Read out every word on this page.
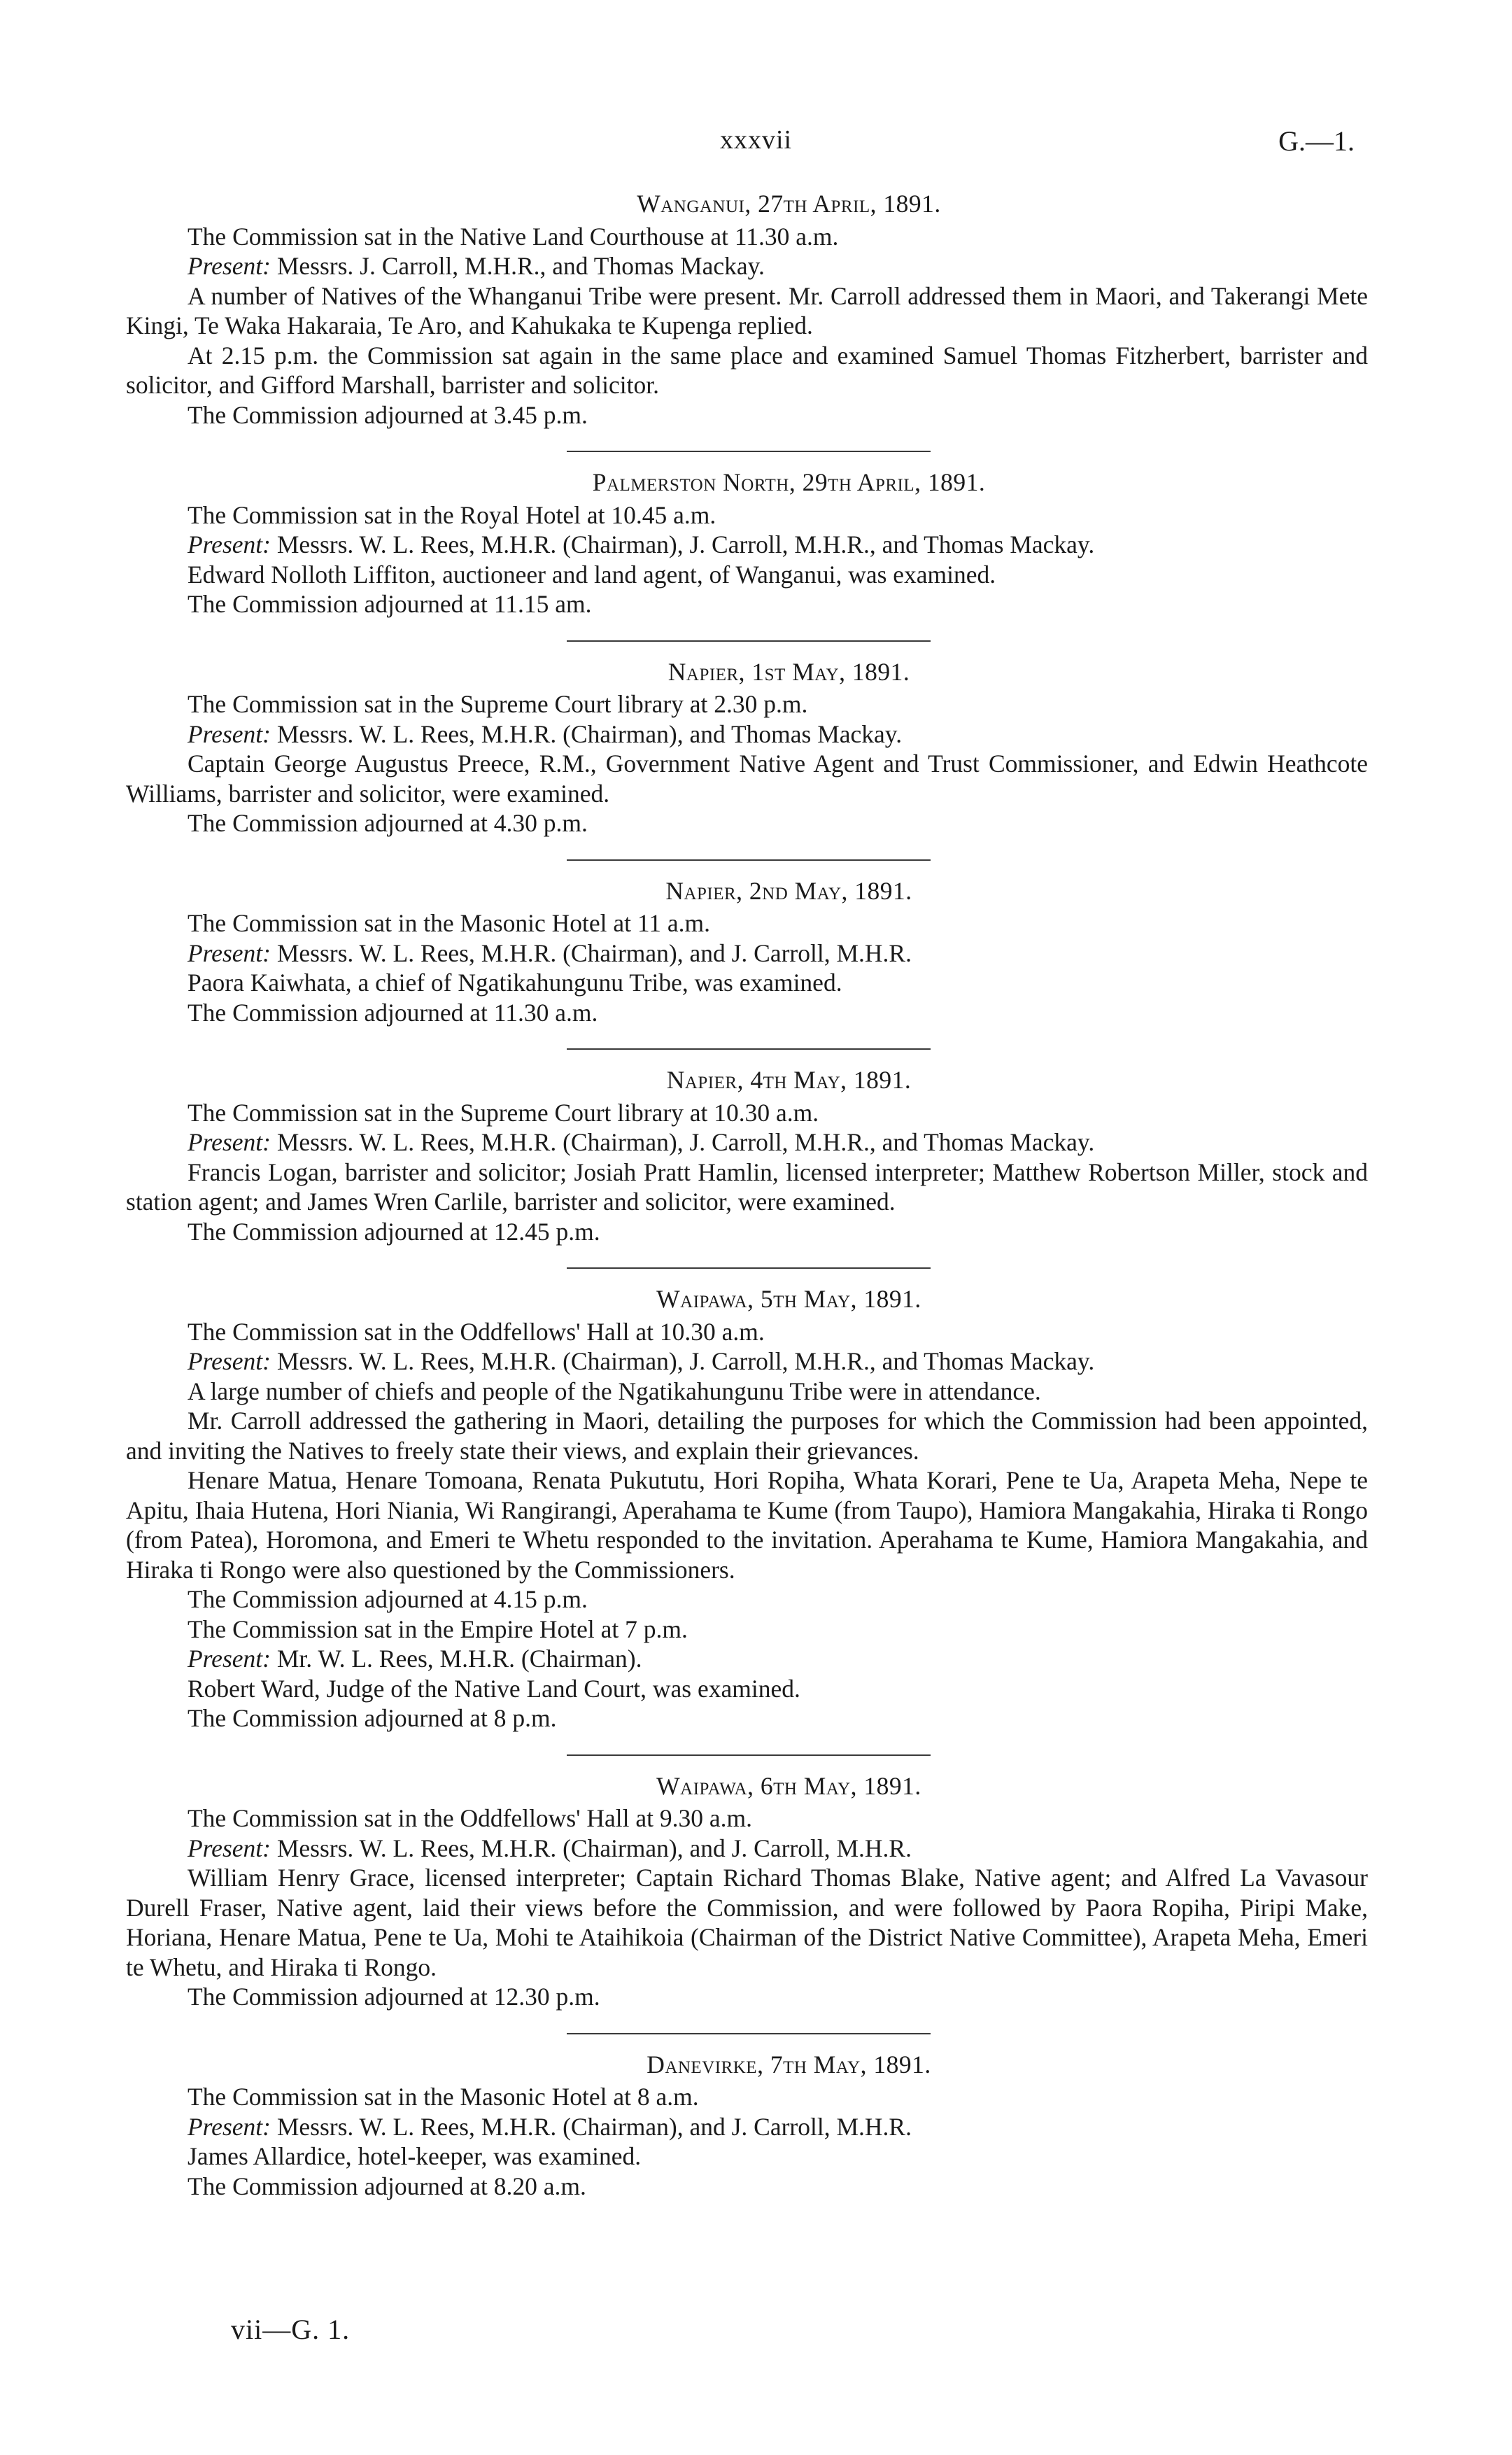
xxxvii	G.—1.
Wanganui, 27th April, 1891.

The Commission sat in the Native Land Courthouse at 11.30 a.m.

Present: Messrs. J. Carroll, M.H.R., and Thomas Mackay.

A number of Natives of the Whanganui Tribe were present. Mr. Carroll addressed them in Maori, and Takerangi Mete Kingi, Te Waka Hakaraia, Te Aro, and Kahukaka te Kupenga replied.

At 2.15 p.m. the Commission sat again in the same place and examined Samuel Thomas Fitzherbert, barrister and solicitor, and Gifford Marshall, barrister and solicitor.

The Commission adjourned at 3.45 p.m.

Palmerston North, 29th April, 1891.

The Commission sat in the Royal Hotel at 10.45 a.m.

Present: Messrs. W. L. Rees, M.H.R. (Chairman), J. Carroll, M.H.R., and Thomas Mackay.

Edward Nolloth Liffiton, auctioneer and land agent, of Wanganui, was examined.

The Commission adjourned at 11.15 am.

Napier, 1st May, 1891.

The Commission sat in the Supreme Court library at 2.30 p.m.

Present: Messrs. W. L. Rees, M.H.R. (Chairman), and Thomas Mackay.

Captain George Augustus Preece, R.M., Government Native Agent and Trust Commissioner, and Edwin Heathcote Williams, barrister and solicitor, were examined.

The Commission adjourned at 4.30 p.m.

Napier, 2nd May, 1891.

The Commission sat in the Masonic Hotel at 11 a.m.

Present: Messrs. W. L. Rees, M.H.R. (Chairman), and J. Carroll, M.H.R.

Paora Kaiwhata, a chief of Ngatikahungunu Tribe, was examined.

The Commission adjourned at 11.30 a.m.

Napier, 4th May, 1891.

The Commission sat in the Supreme Court library at 10.30 a.m.

Present: Messrs. W. L. Rees, M.H.R. (Chairman), J. Carroll, M.H.R., and Thomas Mackay.

Francis Logan, barrister and solicitor; Josiah Pratt Hamlin, licensed interpreter; Matthew Robertson Miller, stock and station agent; and James Wren Carlile, barrister and solicitor, were examined.

The Commission adjourned at 12.45 p.m.

Waipawa, 5th May, 1891.

The Commission sat in the Oddfellows' Hall at 10.30 a.m.

Present: Messrs. W. L. Rees, M.H.R. (Chairman), J. Carroll, M.H.R., and Thomas Mackay.

A large number of chiefs and people of the Ngatikahungunu Tribe were in attendance.

Mr. Carroll addressed the gathering in Maori, detailing the purposes for which the Commission had been appointed, and inviting the Natives to freely state their views, and explain their grievances.

Henare Matua, Henare Tomoana, Renata Pukututu, Hori Ropiha, Whata Korari, Pene te Ua, Arapeta Meha, Nepe te Apitu, Ihaia Hutena, Hori Niania, Wi Rangirangi, Aperahama te Kume (from Taupo), Hamiora Mangakahia, Hiraka ti Rongo (from Patea), Horomona, and Emeri te Whetu responded to the invitation. Aperahama te Kume, Hamiora Mangakahia, and Hiraka ti Rongo were also questioned by the Commissioners.

The Commission adjourned at 4.15 p.m.

The Commission sat in the Empire Hotel at 7 p.m.

Present: Mr. W. L. Rees, M.H.R. (Chairman).

Robert Ward, Judge of the Native Land Court, was examined.

The Commission adjourned at 8 p.m.

Waipawa, 6th May, 1891.

The Commission sat in the Oddfellows' Hall at 9.30 a.m.

Present: Messrs. W. L. Rees, M.H.R. (Chairman), and J. Carroll, M.H.R.

William Henry Grace, licensed interpreter; Captain Richard Thomas Blake, Native agent; and Alfred La Vavasour Durell Fraser, Native agent, laid their views before the Commission, and were followed by Paora Ropiha, Piripi Make, Horiana, Henare Matua, Pene te Ua, Mohi te Ataihikoia (Chairman of the District Native Committee), Arapeta Meha, Emeri te Whetu, and Hiraka ti Rongo.

The Commission adjourned at 12.30 p.m.

Danevirke, 7th May, 1891.

The Commission sat in the Masonic Hotel at 8 a.m.

Present: Messrs. W. L. Rees, M.H.R. (Chairman), and J. Carroll, M.H.R.

James Allardice, hotel-keeper, was examined.

The Commission adjourned at 8.20 a.m.

vii—G. 1.
